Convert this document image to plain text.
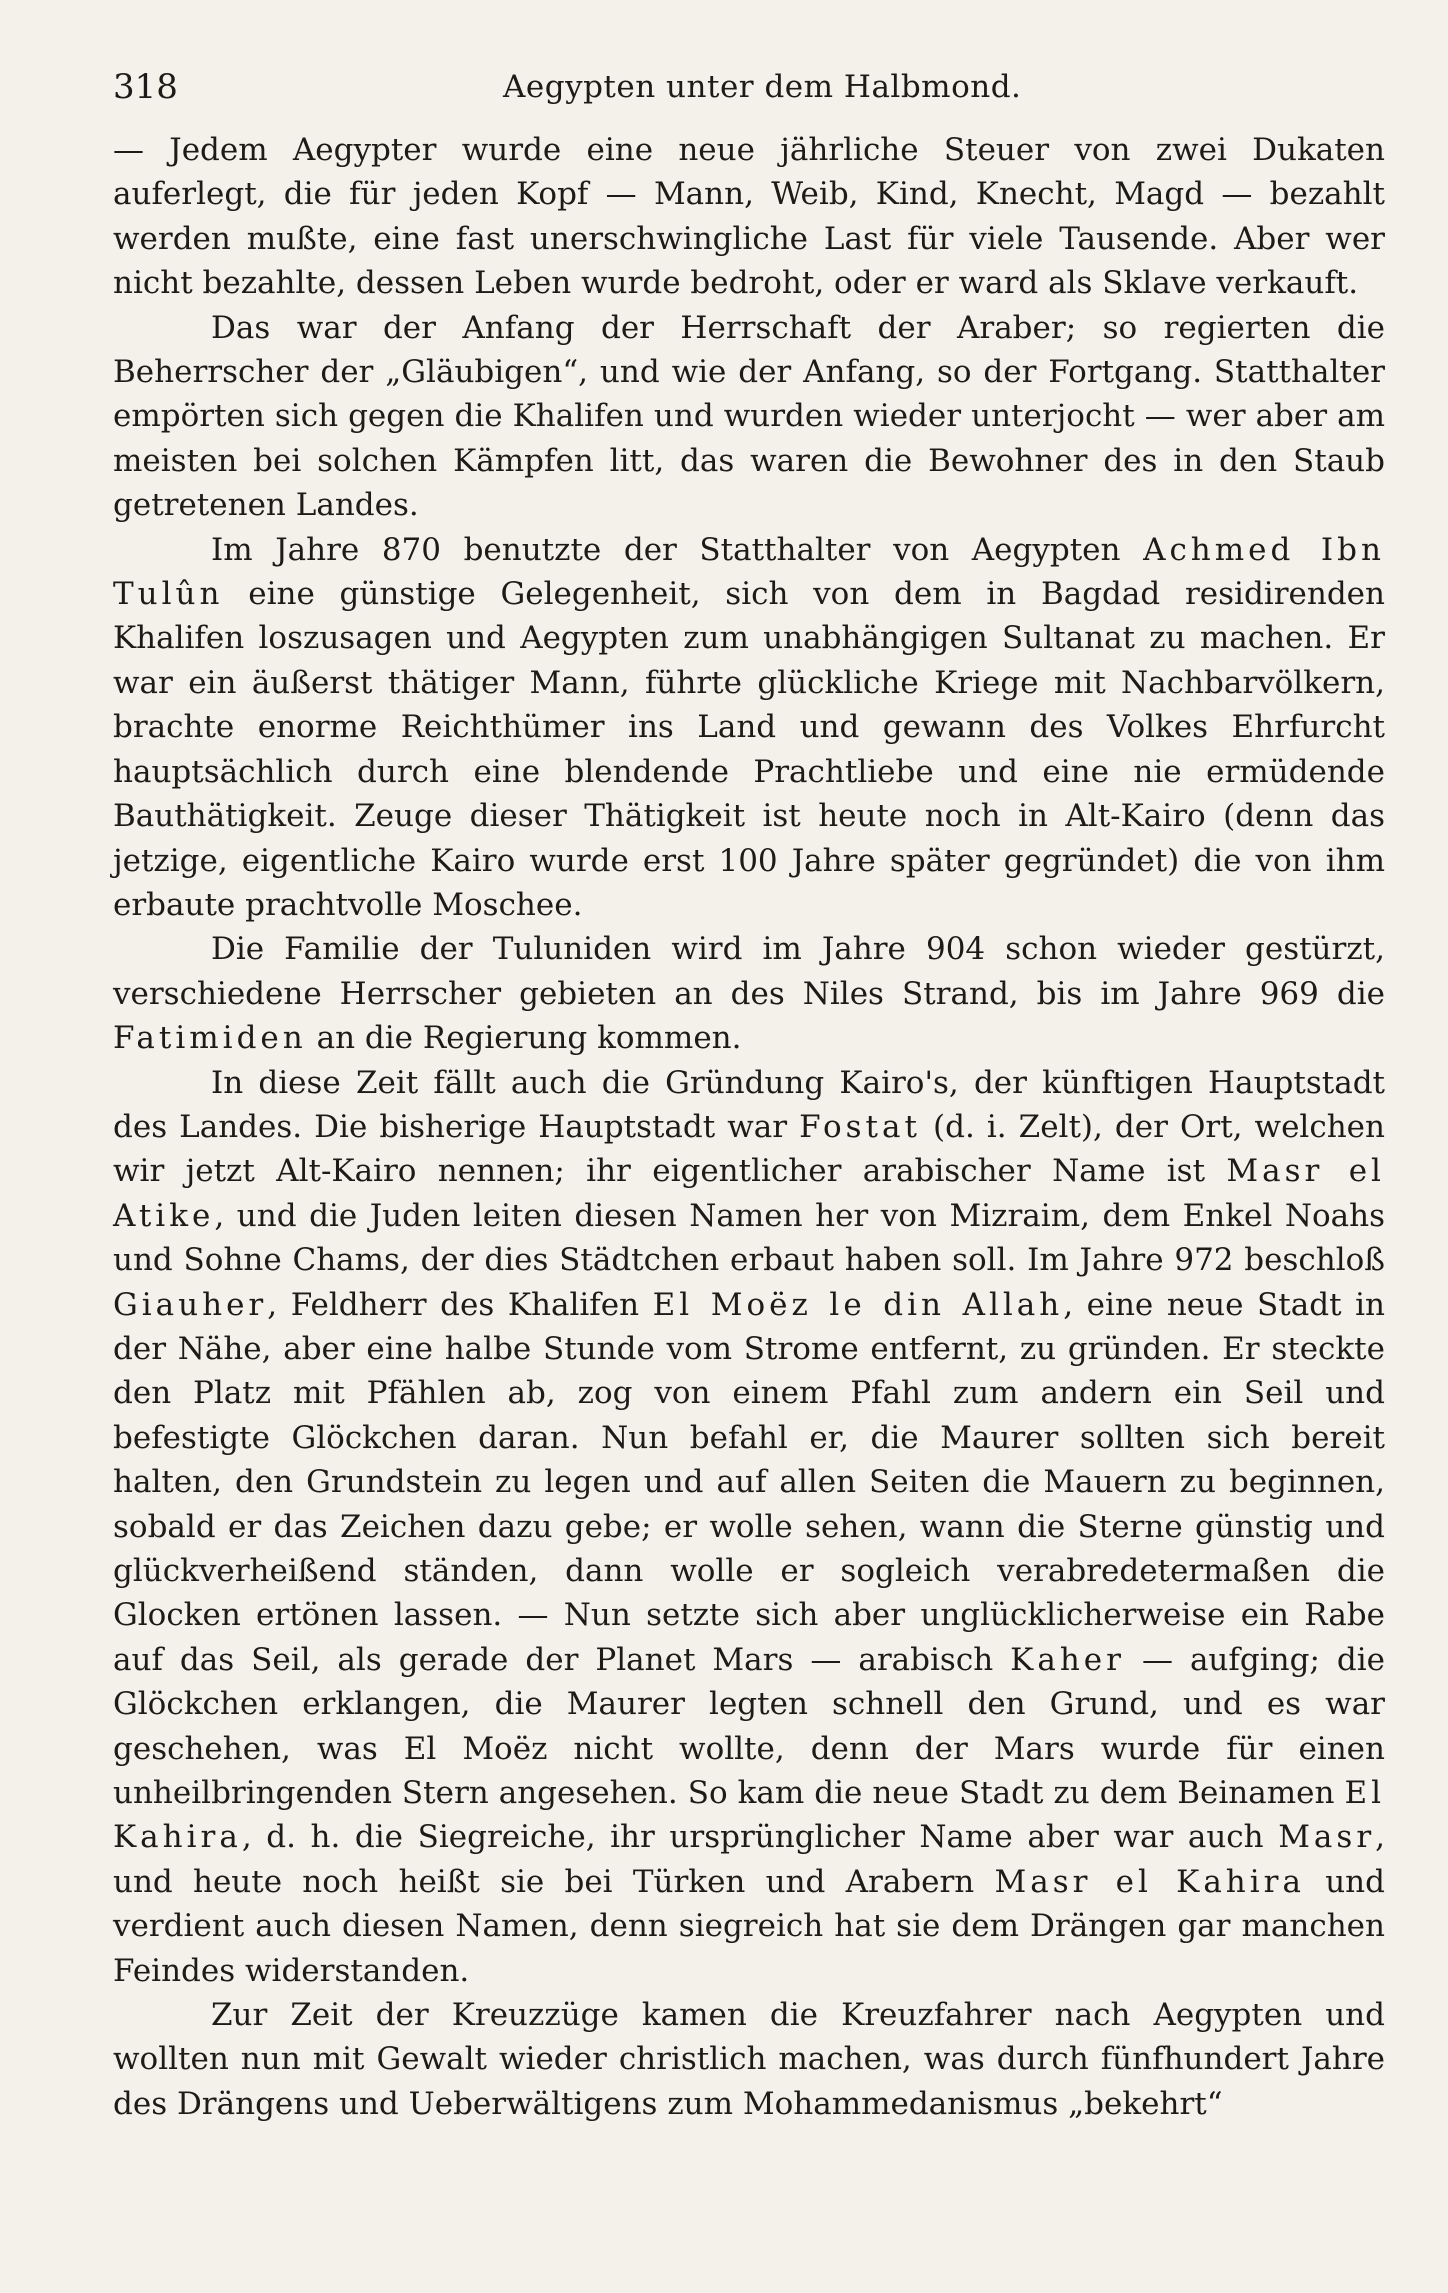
318	Aegypten unter dem Halbmond.

— Jedem Aegypter wurde eine neue jährliche Steuer von zwei Dukaten auferlegt, die für jeden Kopf — Mann, Weib, Kind, Knecht, Magd — bezahlt werden mußte, eine fast unerschwingliche Last für viele Tausende. Aber wer nicht bezahlte, dessen Leben wurde bedroht, oder er ward als Sklave verkauft.

Das war der Anfang der Herrschaft der Araber; so regierten die Beherrscher der „Gläubigen“, und wie der Anfang, so der Fortgang. Statthalter empörten sich gegen die Khalifen und wurden wieder unterjocht — wer aber am meisten bei solchen Kämpfen litt, das waren die Bewohner des in den Staub getretenen Landes.

Im Jahre 870 benutzte der Statthalter von Aegypten Achmed Ibn Tulûn eine günstige Gelegenheit, sich von dem in Bagdad residirenden Khalifen loszusagen und Aegypten zum unabhängigen Sultanat zu machen. Er war ein äußerst thätiger Mann, führte glückliche Kriege mit Nachbarvölkern, brachte enorme Reichthümer ins Land und gewann des Volkes Ehrfurcht hauptsächlich durch eine blendende Prachtliebe und eine nie ermüdende Bauthätigkeit. Zeuge dieser Thätigkeit ist heute noch in Alt-Kairo (denn das jetzige, eigentliche Kairo wurde erst 100 Jahre später gegründet) die von ihm erbaute prachtvolle Moschee.

Die Familie der Tuluniden wird im Jahre 904 schon wieder gestürzt, verschiedene Herrscher gebieten an des Niles Strand, bis im Jahre 969 die Fatimiden an die Regierung kommen.

In diese Zeit fällt auch die Gründung Kairo's, der künftigen Hauptstadt des Landes. Die bisherige Hauptstadt war Fostat (d. i. Zelt), der Ort, welchen wir jetzt Alt-Kairo nennen; ihr eigentlicher arabischer Name ist Masr el Atike, und die Juden leiten diesen Namen her von Mizraim, dem Enkel Noahs und Sohne Chams, der dies Städtchen erbaut haben soll. Im Jahre 972 beschloß Giauher, Feldherr des Khalifen El Moëz le din Allah, eine neue Stadt in der Nähe, aber eine halbe Stunde vom Strome entfernt, zu gründen. Er steckte den Platz mit Pfählen ab, zog von einem Pfahl zum andern ein Seil und befestigte Glöckchen daran. Nun befahl er, die Maurer sollten sich bereit halten, den Grundstein zu legen und auf allen Seiten die Mauern zu beginnen, sobald er das Zeichen dazu gebe; er wolle sehen, wann die Sterne günstig und glückverheißend ständen, dann wolle er sogleich verabredetermaßen die Glocken ertönen lassen. — Nun setzte sich aber unglücklicherweise ein Rabe auf das Seil, als gerade der Planet Mars — arabisch Kaher — aufging; die Glöckchen erklangen, die Maurer legten schnell den Grund, und es war geschehen, was El Moëz nicht wollte, denn der Mars wurde für einen unheilbringenden Stern angesehen. So kam die neue Stadt zu dem Beinamen El Kahira, d. h. die Siegreiche, ihr ursprünglicher Name aber war auch Masr, und heute noch heißt sie bei Türken und Arabern Masr el Kahira und verdient auch diesen Namen, denn siegreich hat sie dem Drängen gar manchen Feindes widerstanden.

Zur Zeit der Kreuzzüge kamen die Kreuzfahrer nach Aegypten und wollten nun mit Gewalt wieder christlich machen, was durch fünfhundert Jahre des Drängens und Ueberwältigens zum Mohammedanismus „bekehrt“
